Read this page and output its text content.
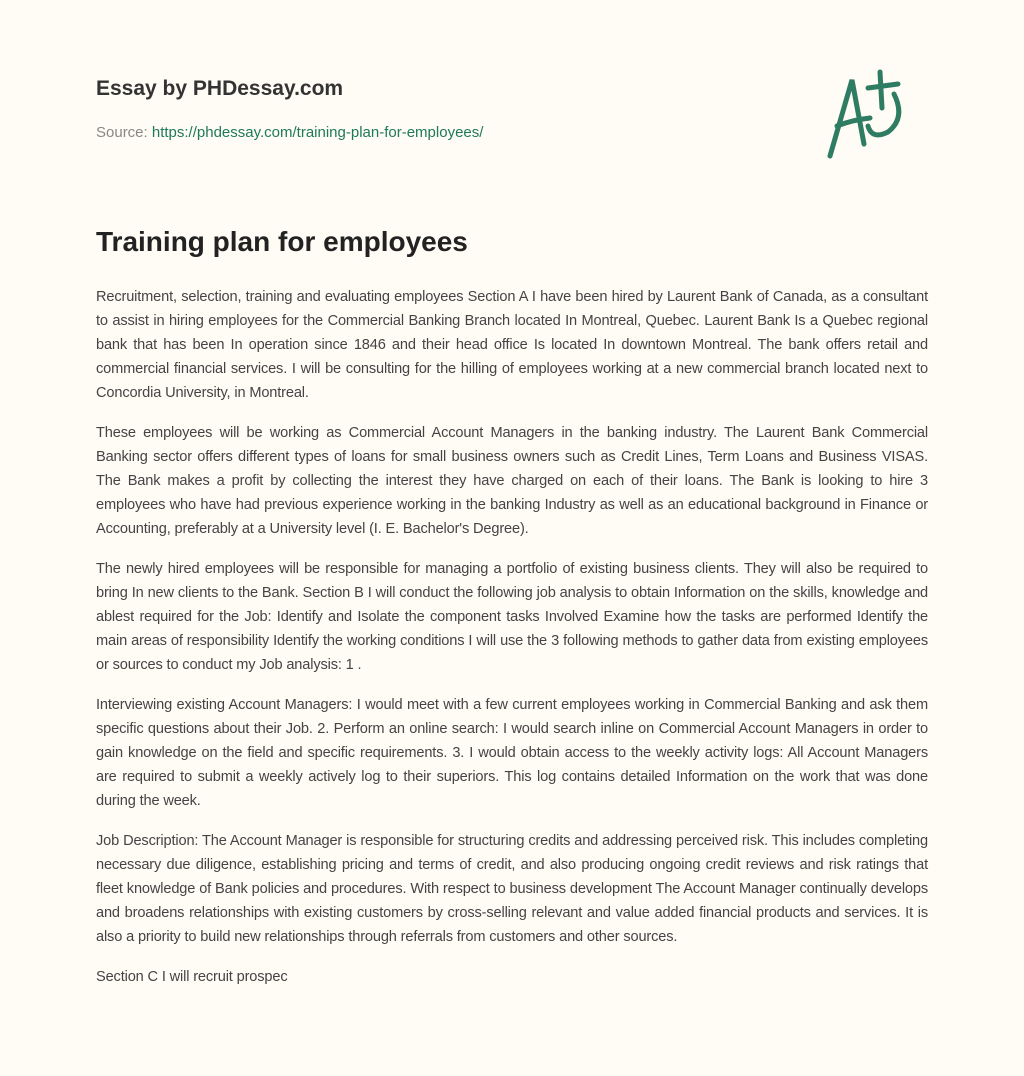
Essay by PHDessay.com
Source: https://phdessay.com/training-plan-for-employees/
Training plan for employees

Recruitment, selection, training and evaluating employees Section A I have been hired by Laurent Bank of Canada, as a consultant to assist in hiring employees for the Commercial Banking Branch located In Montreal, Quebec. Laurent Bank Is a Quebec regional bank that has been In operation since 1846 and their head office Is located In downtown Montreal. The bank offers retail and commercial financial services. I will be consulting for the hilling of employees working at a new commercial branch located next to Concordia University, in Montreal.

These employees will be working as Commercial Account Managers in the banking industry. The Laurent Bank Commercial Banking sector offers different types of loans for small business owners such as Credit Lines, Term Loans and Business VISAS. The Bank makes a profit by collecting the interest they have charged on each of their loans. The Bank is looking to hire 3 employees who have had previous experience working in the banking Industry as well as an educational background in Finance or Accounting, preferably at a University level (I. E. Bachelor's Degree).

The newly hired employees will be responsible for managing a portfolio of existing business clients. They will also be required to bring In new clients to the Bank. Section B I will conduct the following job analysis to obtain Information on the skills, knowledge and ablest required for the Job: Identify and Isolate the component tasks Involved Examine how the tasks are performed Identify the main areas of responsibility Identify the working conditions I will use the 3 following methods to gather data from existing employees or sources to conduct my Job analysis: 1 .

Interviewing existing Account Managers: I would meet with a few current employees working in Commercial Banking and ask them specific questions about their Job. 2. Perform an online search: I would search inline on Commercial Account Managers in order to gain knowledge on the field and specific requirements. 3. I would obtain access to the weekly activity logs: All Account Managers are required to submit a weekly actively log to their superiors. This log contains detailed Information on the work that was done during the week.

Job Description: The Account Manager is responsible for structuring credits and addressing perceived risk. This includes completing necessary due diligence, establishing pricing and terms of credit, and also producing ongoing credit reviews and risk ratings that fleet knowledge of Bank policies and procedures. With respect to business development The Account Manager continually develops and broadens relationships with existing customers by cross-selling relevant and value added financial products and services. It is also a priority to build new relationships through referrals from customers and other sources.

Section C I will recruit prospec
